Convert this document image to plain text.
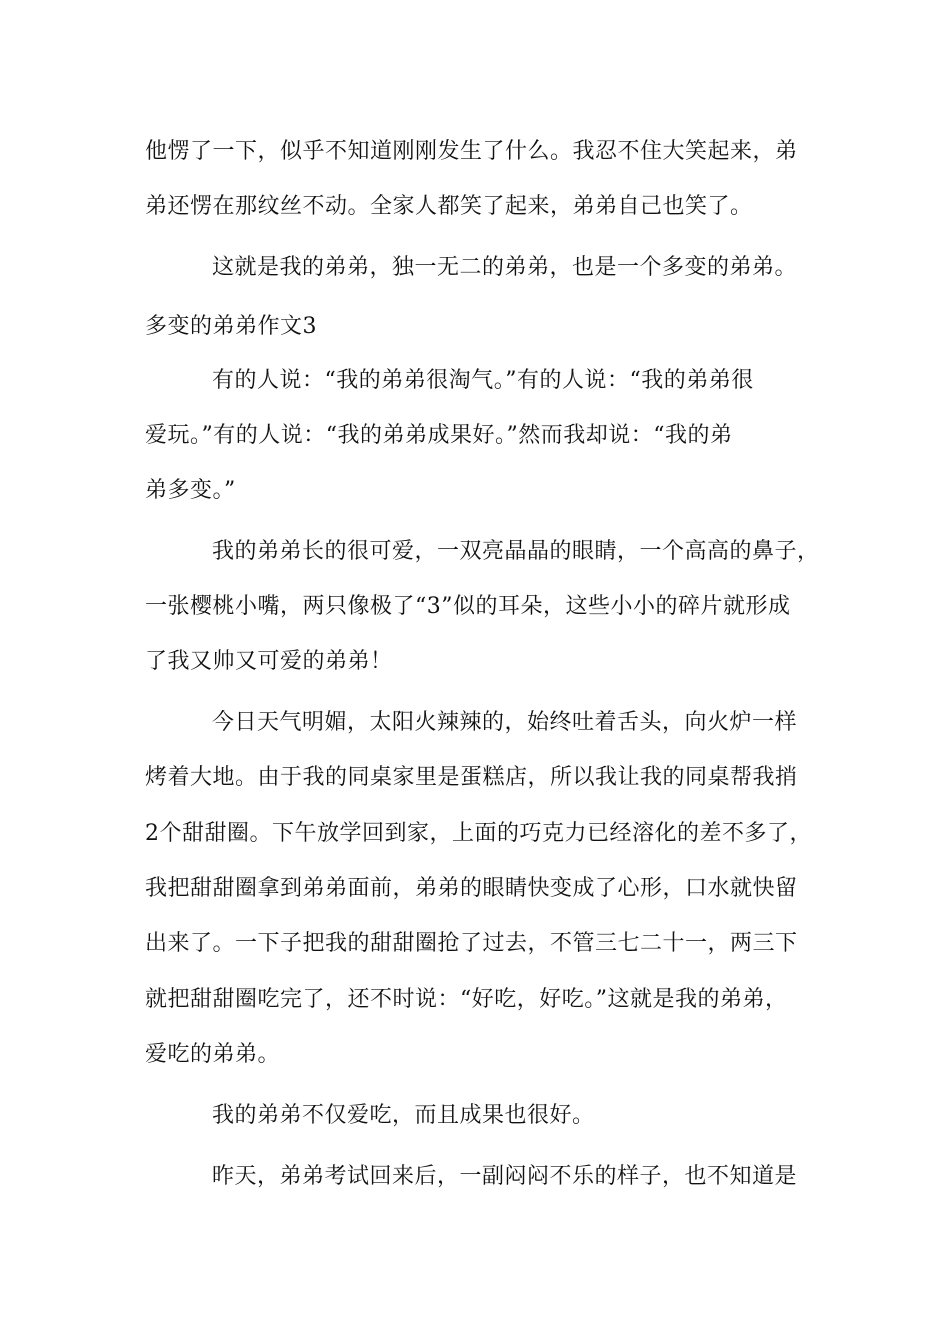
他愣了一下，似乎不知道刚刚发生了什么。我忍不住大笑起来，弟
弟还愣在那纹丝不动。全家人都笑了起来，弟弟自己也笑了。
这就是我的弟弟，独一无二的弟弟，也是一个多变的弟弟。
多变的弟弟作文3
有的人说：“我的弟弟很淘气。”有的人说：“我的弟弟很
爱玩。”有的人说：“我的弟弟成果好。”然而我却说：“我的弟
弟多变。”
我的弟弟长的很可爱，一双亮晶晶的眼睛，一个高高的鼻子，
一张樱桃小嘴，两只像极了“3”似的耳朵，这些小小的碎片就形成
了我又帅又可爱的弟弟！
今日天气明媚，太阳火辣辣的，始终吐着舌头，向火炉一样
烤着大地。由于我的同桌家里是蛋糕店，所以我让我的同桌帮我捎
2个甜甜圈。下午放学回到家，上面的巧克力已经溶化的差不多了，
我把甜甜圈拿到弟弟面前，弟弟的眼睛快变成了心形，口水就快留
出来了。一下子把我的甜甜圈抢了过去，不管三七二十一，两三下
就把甜甜圈吃完了，还不时说：“好吃，好吃。”这就是我的弟弟，
爱吃的弟弟。
我的弟弟不仅爱吃，而且成果也很好。
昨天，弟弟考试回来后，一副闷闷不乐的样子，也不知道是
